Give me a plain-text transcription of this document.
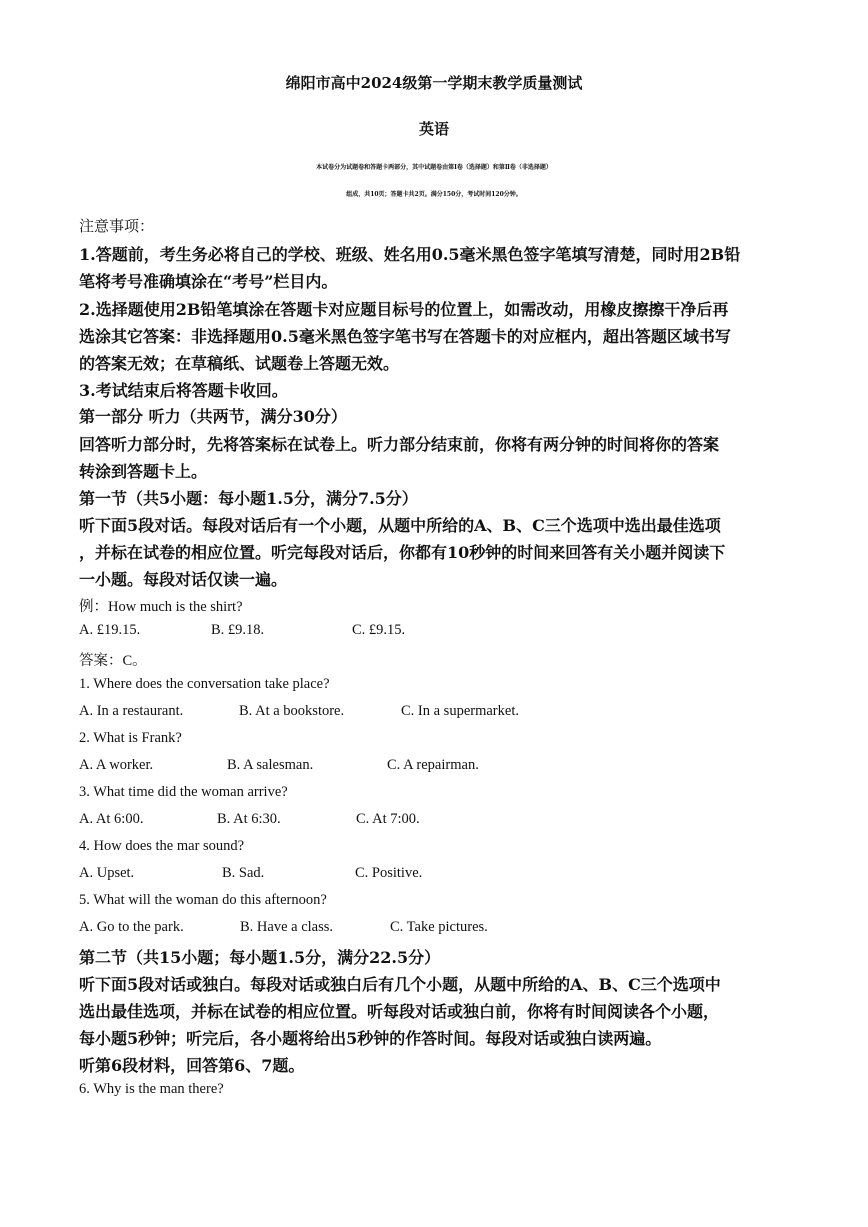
绵阳市高中2024级第一学期末教学质量测试
英语
本试卷分为试题卷和答题卡两部分，其中试题卷由第Ⅰ卷（选择题）和第Ⅱ卷（非选择题）
组成，共10页；答题卡共2页。满分150分，考试时间120分钟。
注意事项：
1.答题前，考生务必将自己的学校、班级、姓名用0.5毫米黑色签字笔填写清楚，同时用2B铅
笔将考号准确填涂在“考号”栏目内。
2.选择题使用2B铅笔填涂在答题卡对应题目标号的位置上，如需改动，用橡皮擦擦干净后再
选涂其它答案：非选择题用0.5毫米黑色签字笔书写在答题卡的对应框内，超出答题区域书写
的答案无效；在草稿纸、试题卷上答题无效。
3.考试结束后将答题卡收回。
第一部分 听力（共两节，满分30分）
回答听力部分时，先将答案标在试卷上。听力部分结束前，你将有两分钟的时间将你的答案
转涂到答题卡上。
第一节（共5小题：每小题1.5分，满分7.5分）
听下面5段对话。每段对话后有一个小题，从题中所给的A、B、C三个选项中选出最佳选项
，并标在试卷的相应位置。听完每段对话后，你都有10秒钟的时间来回答有关小题并阅读下
一小题。每段对话仅读一遍。
例：How much is the shirt?
A. £19.15.	B. £9.18.	C. £9.15.
答案：C。
1. Where does the conversation take place?
A. In a restaurant.	B. At a bookstore.	C. In a supermarket.
2. What is Frank?
A. A worker.	B. A salesman.	C. A repairman.
3. What time did the woman arrive?
A. At 6:00.	B. At 6:30.	C. At 7:00.
4. How does the mar sound?
A. Upset.	B. Sad.	C. Positive.
5. What will the woman do this afternoon?
A. Go to the park.	B. Have a class.	C. Take pictures.
第二节（共15小题；每小题1.5分，满分22.5分）
听下面5段对话或独白。每段对话或独白后有几个小题，从题中所给的A、B、C三个选项中
选出最佳选项，并标在试卷的相应位置。听每段对话或独白前，你将有时间阅读各个小题，
每小题5秒钟；听完后，各小题将给出5秒钟的作答时间。每段对话或独白读两遍。
听第6段材料，回答第6、7题。
6. Why is the man there?
